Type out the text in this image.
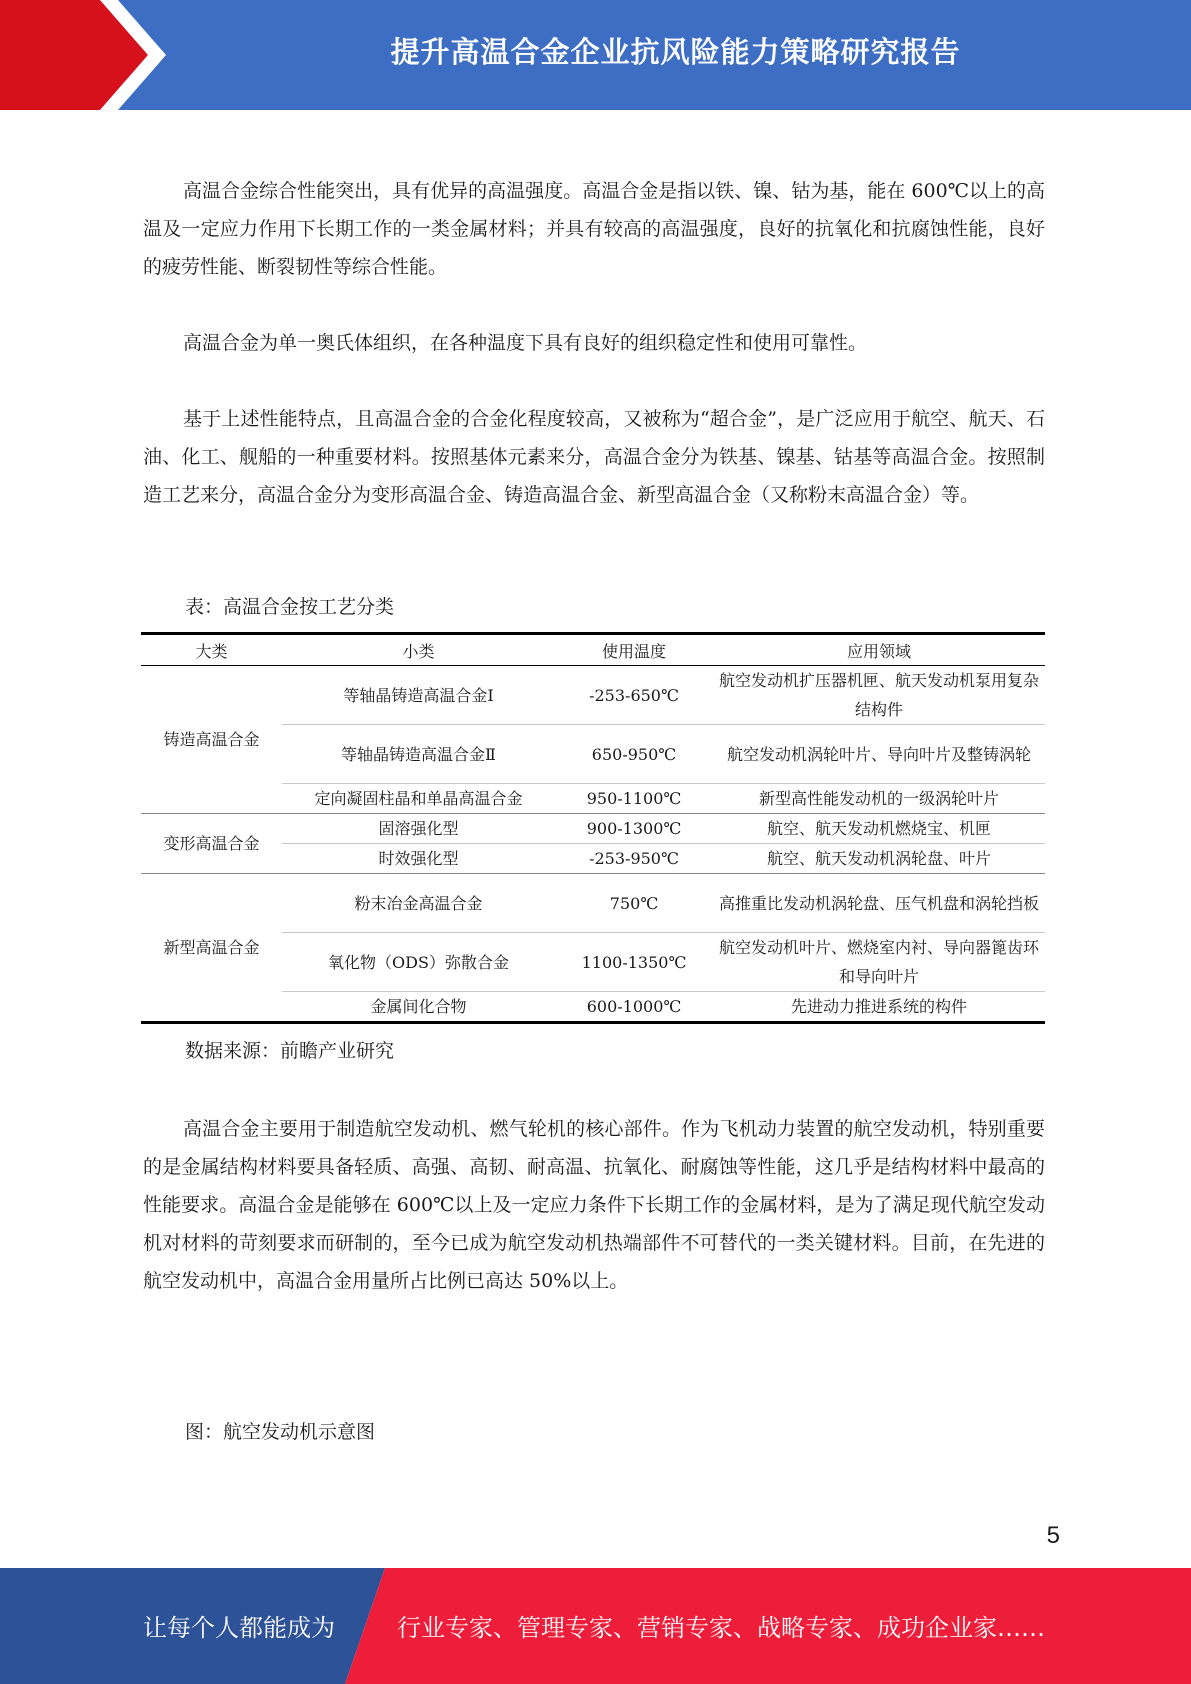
提升高温合金企业抗风险能力策略研究报告

高温合金综合性能突出，具有优异的高温强度。高温合金是指以铁、镍、钴为基，能在 600℃以上的高温及一定应力作用下长期工作的一类金属材料；并具有较高的高温强度，良好的抗氧化和抗腐蚀性能，良好的疲劳性能、断裂韧性等综合性能。

高温合金为单一奥氏体组织，在各种温度下具有良好的组织稳定性和使用可靠性。

基于上述性能特点，且高温合金的合金化程度较高，又被称为“超合金”，是广泛应用于航空、航天、石油、化工、舰船的一种重要材料。按照基体元素来分，高温合金分为铁基、镍基、钴基等高温合金。按照制造工艺来分，高温合金分为变形高温合金、铸造高温合金、新型高温合金（又称粉末高温合金）等。

表：高温合金按工艺分类
大类	小类	使用温度	应用领域
铸造高温合金	等轴晶铸造高温合金Ⅰ	-253-650℃	航空发动机扩压器机匣、航天发动机泵用复杂结构件
	等轴晶铸造高温合金Ⅱ	650-950℃	航空发动机涡轮叶片、导向叶片及整铸涡轮
	定向凝固柱晶和单晶高温合金	950-1100℃	新型高性能发动机的一级涡轮叶片
变形高温合金	固溶强化型	900-1300℃	航空、航天发动机燃烧宝、机匣
	时效强化型	-253-950℃	航空、航天发动机涡轮盘、叶片
新型高温合金	粉末冶金高温合金	750℃	高推重比发动机涡轮盘、压气机盘和涡轮挡板
	氧化物（ODS）弥散合金	1100-1350℃	航空发动机叶片、燃烧室内衬、导向器篦齿环和导向叶片
	金属间化合物	600-1000℃	先进动力推进系统的构件
数据来源：前瞻产业研究

高温合金主要用于制造航空发动机、燃气轮机的核心部件。作为飞机动力装置的航空发动机，特别重要的是金属结构材料要具备轻质、高强、高韧、耐高温、抗氧化、耐腐蚀等性能，这几乎是结构材料中最高的性能要求。高温合金是能够在 600℃以上及一定应力条件下长期工作的金属材料，是为了满足现代航空发动机对材料的苛刻要求而研制的，至今已成为航空发动机热端部件不可替代的一类关键材料。目前，在先进的航空发动机中，高温合金用量所占比例已高达 50%以上。

图：航空发动机示意图
5
让每个人都能成为	行业专家、管理专家、营销专家、战略专家、成功企业家……
